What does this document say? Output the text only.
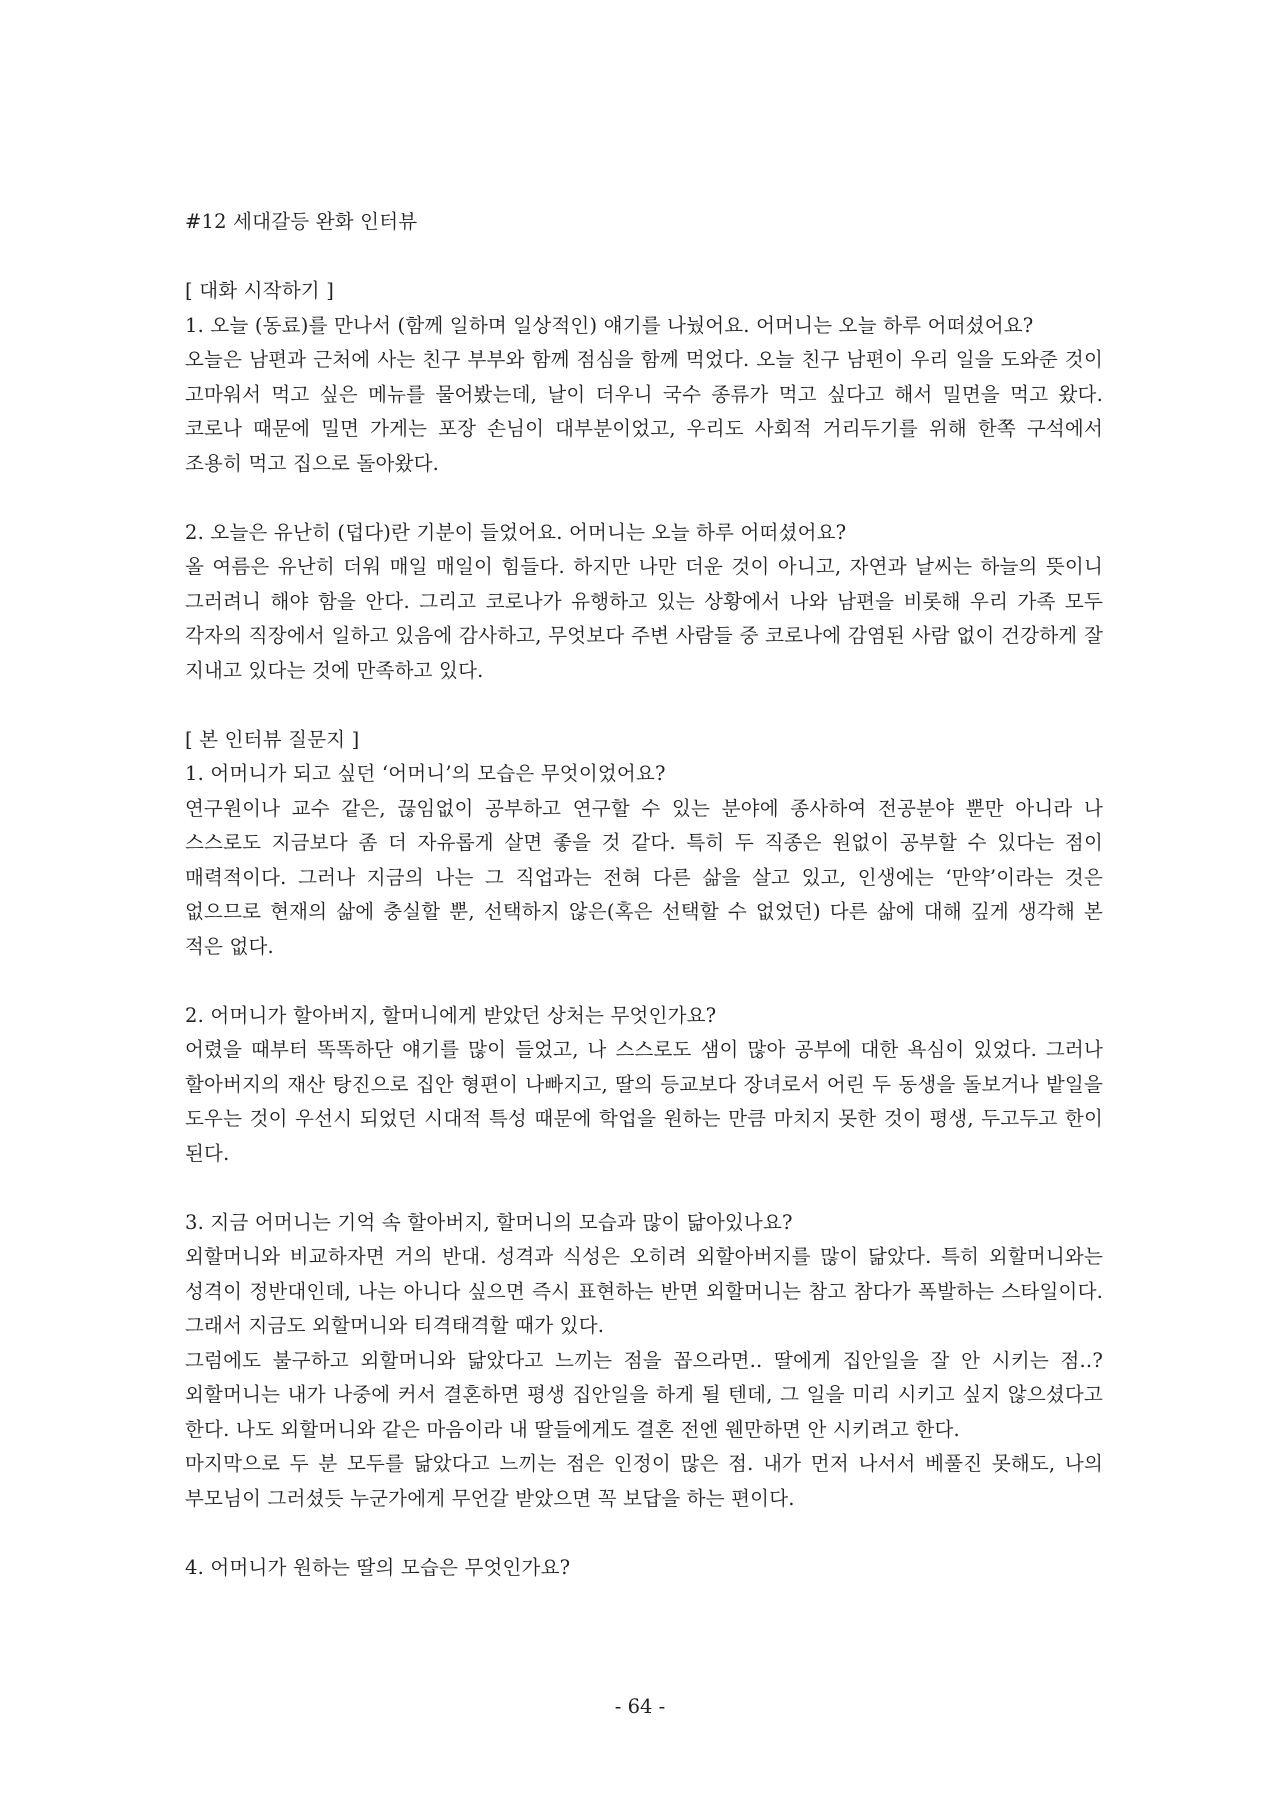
#12 세대갈등 완화 인터뷰
[ 대화 시작하기 ]
1. 오늘 (동료)를 만나서 (함께 일하며 일상적인) 얘기를 나눴어요. 어머니는 오늘 하루 어떠셨어요?
오늘은 남편과 근처에 사는 친구 부부와 함께 점심을 함께 먹었다. 오늘 친구 남편이 우리 일을 도와준 것이 고마워서 먹고 싶은 메뉴를 물어봤는데, 날이 더우니 국수 종류가 먹고 싶다고 해서 밀면을 먹고 왔다. 코로나 때문에 밀면 가게는 포장 손님이 대부분이었고, 우리도 사회적 거리두기를 위해 한쪽 구석에서 조용히 먹고 집으로 돌아왔다.
2. 오늘은 유난히 (덥다)란 기분이 들었어요. 어머니는 오늘 하루 어떠셨어요?
올 여름은 유난히 더워 매일 매일이 힘들다. 하지만 나만 더운 것이 아니고, 자연과 날씨는 하늘의 뜻이니 그러려니 해야 함을 안다. 그리고 코로나가 유행하고 있는 상황에서 나와 남편을 비롯해 우리 가족 모두 각자의 직장에서 일하고 있음에 감사하고, 무엇보다 주변 사람들 중 코로나에 감염된 사람 없이 건강하게 잘 지내고 있다는 것에 만족하고 있다.
[ 본 인터뷰 질문지 ]
1. 어머니가 되고 싶던 ‘어머니’의 모습은 무엇이었어요?
연구원이나 교수 같은, 끊임없이 공부하고 연구할 수 있는 분야에 종사하여 전공분야 뿐만 아니라 나 스스로도 지금보다 좀 더 자유롭게 살면 좋을 것 같다. 특히 두 직종은 원없이 공부할 수 있다는 점이 매력적이다. 그러나 지금의 나는 그 직업과는 전혀 다른 삶을 살고 있고, 인생에는 ‘만약’이라는 것은 없으므로 현재의 삶에 충실할 뿐, 선택하지 않은(혹은 선택할 수 없었던) 다른 삶에 대해 깊게 생각해 본 적은 없다.
2. 어머니가 할아버지, 할머니에게 받았던 상처는 무엇인가요?
어렸을 때부터 똑똑하단 얘기를 많이 들었고, 나 스스로도 샘이 많아 공부에 대한 욕심이 있었다. 그러나 할아버지의 재산 탕진으로 집안 형편이 나빠지고, 딸의 등교보다 장녀로서 어린 두 동생을 돌보거나 밭일을 도우는 것이 우선시 되었던 시대적 특성 때문에 학업을 원하는 만큼 마치지 못한 것이 평생, 두고두고 한이 된다.
3. 지금 어머니는 기억 속 할아버지, 할머니의 모습과 많이 닮아있나요?
외할머니와 비교하자면 거의 반대. 성격과 식성은 오히려 외할아버지를 많이 닮았다. 특히 외할머니와는 성격이 정반대인데, 나는 아니다 싶으면 즉시 표현하는 반면 외할머니는 참고 참다가 폭발하는 스타일이다. 그래서 지금도 외할머니와 티격태격할 때가 있다.
그럼에도 불구하고 외할머니와 닮았다고 느끼는 점을 꼽으라면.. 딸에게 집안일을 잘 안 시키는 점..? 외할머니는 내가 나중에 커서 결혼하면 평생 집안일을 하게 될 텐데, 그 일을 미리 시키고 싶지 않으셨다고 한다. 나도 외할머니와 같은 마음이라 내 딸들에게도 결혼 전엔 웬만하면 안 시키려고 한다.
마지막으로 두 분 모두를 닮았다고 느끼는 점은 인정이 많은 점. 내가 먼저 나서서 베풀진 못해도, 나의 부모님이 그러셨듯 누군가에게 무언갈 받았으면 꼭 보답을 하는 편이다.
4. 어머니가 원하는 딸의 모습은 무엇인가요?
- 64 -
